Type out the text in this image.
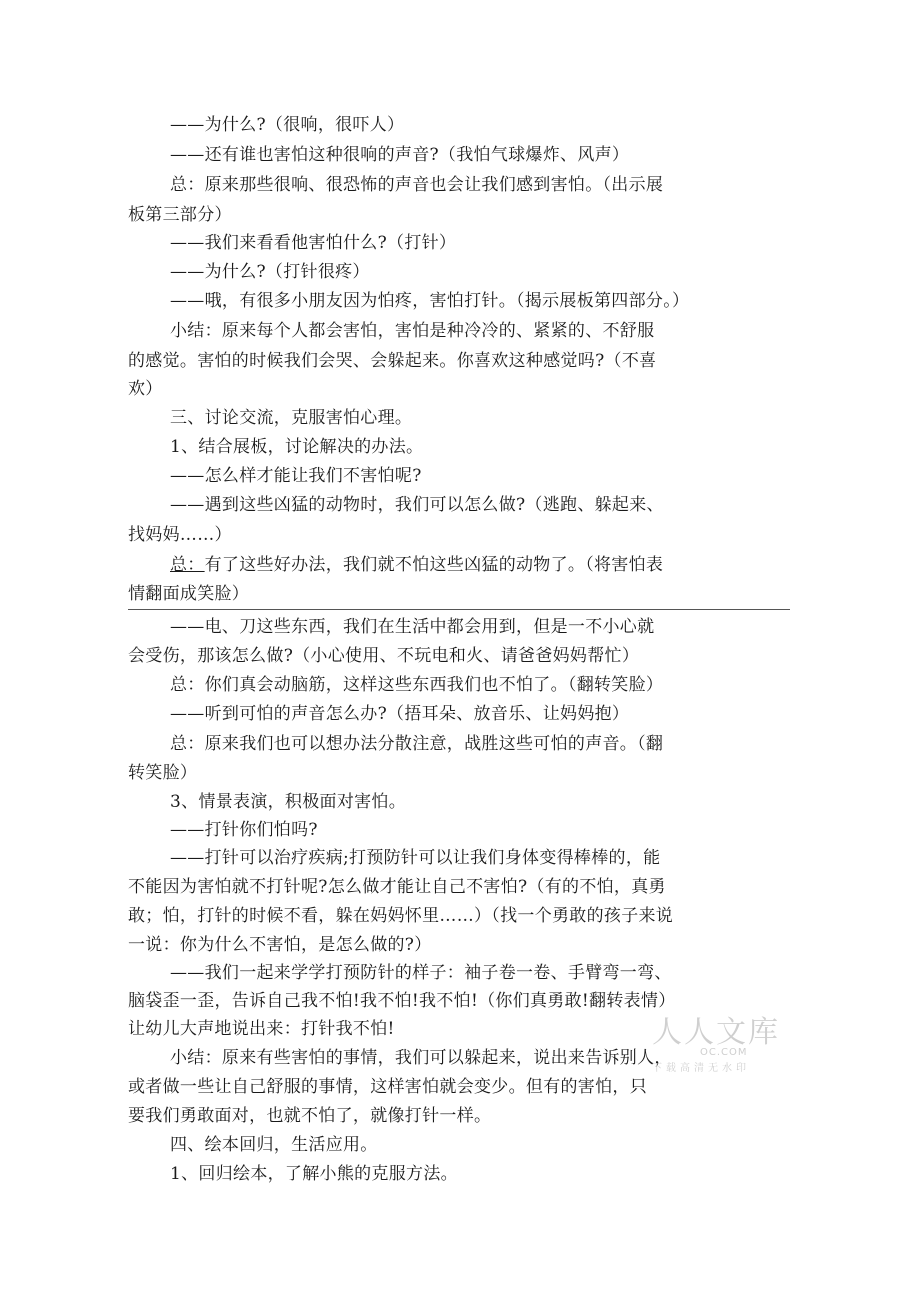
——为什么?（很响，很吓人）
——还有谁也害怕这种很响的声音?（我怕气球爆炸、风声）
总：原来那些很响、很恐怖的声音也会让我们感到害怕。（出示展
板第三部分）
——我们来看看他害怕什么?（打针）
——为什么?（打针很疼）
——哦，有很多小朋友因为怕疼，害怕打针。（揭示展板第四部分。）
小结：原来每个人都会害怕，害怕是种冷冷的、紧紧的、不舒服
的感觉。害怕的时候我们会哭、会躲起来。你喜欢这种感觉吗?（不喜
欢）
三、讨论交流，克服害怕心理。
1、结合展板，讨论解决的办法。
——怎么样才能让我们不害怕呢?
——遇到这些凶猛的动物时，我们可以怎么做?（逃跑、躲起来、
找妈妈……）
总：有了这些好办法，我们就不怕这些凶猛的动物了。（将害怕表
情翻面成笑脸）
——电、刀这些东西，我们在生活中都会用到，但是一不小心就
会受伤，那该怎么做?（小心使用、不玩电和火、请爸爸妈妈帮忙）
总：你们真会动脑筋，这样这些东西我们也不怕了。（翻转笑脸）
——听到可怕的声音怎么办?（捂耳朵、放音乐、让妈妈抱）
总：原来我们也可以想办法分散注意，战胜这些可怕的声音。（翻
转笑脸）
3、情景表演，积极面对害怕。
——打针你们怕吗?
——打针可以治疗疾病;打预防针可以让我们身体变得棒棒的，能
不能因为害怕就不打针呢?怎么做才能让自己不害怕?（有的不怕，真勇
敢；怕，打针的时候不看，躲在妈妈怀里……）（找一个勇敢的孩子来说
一说：你为什么不害怕，是怎么做的?）
——我们一起来学学打预防针的样子：袖子卷一卷、手臂弯一弯、
脑袋歪一歪，告诉自己我不怕!我不怕!我不怕!（你们真勇敢!翻转表情）
让幼儿大声地说出来：打针我不怕!
小结：原来有些害怕的事情，我们可以躲起来，说出来告诉别人，
或者做一些让自己舒服的事情，这样害怕就会变少。但有的害怕，只
要我们勇敢面对，也就不怕了，就像打针一样。
四、绘本回归，生活应用。
1、回归绘本，了解小熊的克服方法。
人人文库
OC.COM
下载高清无水印
